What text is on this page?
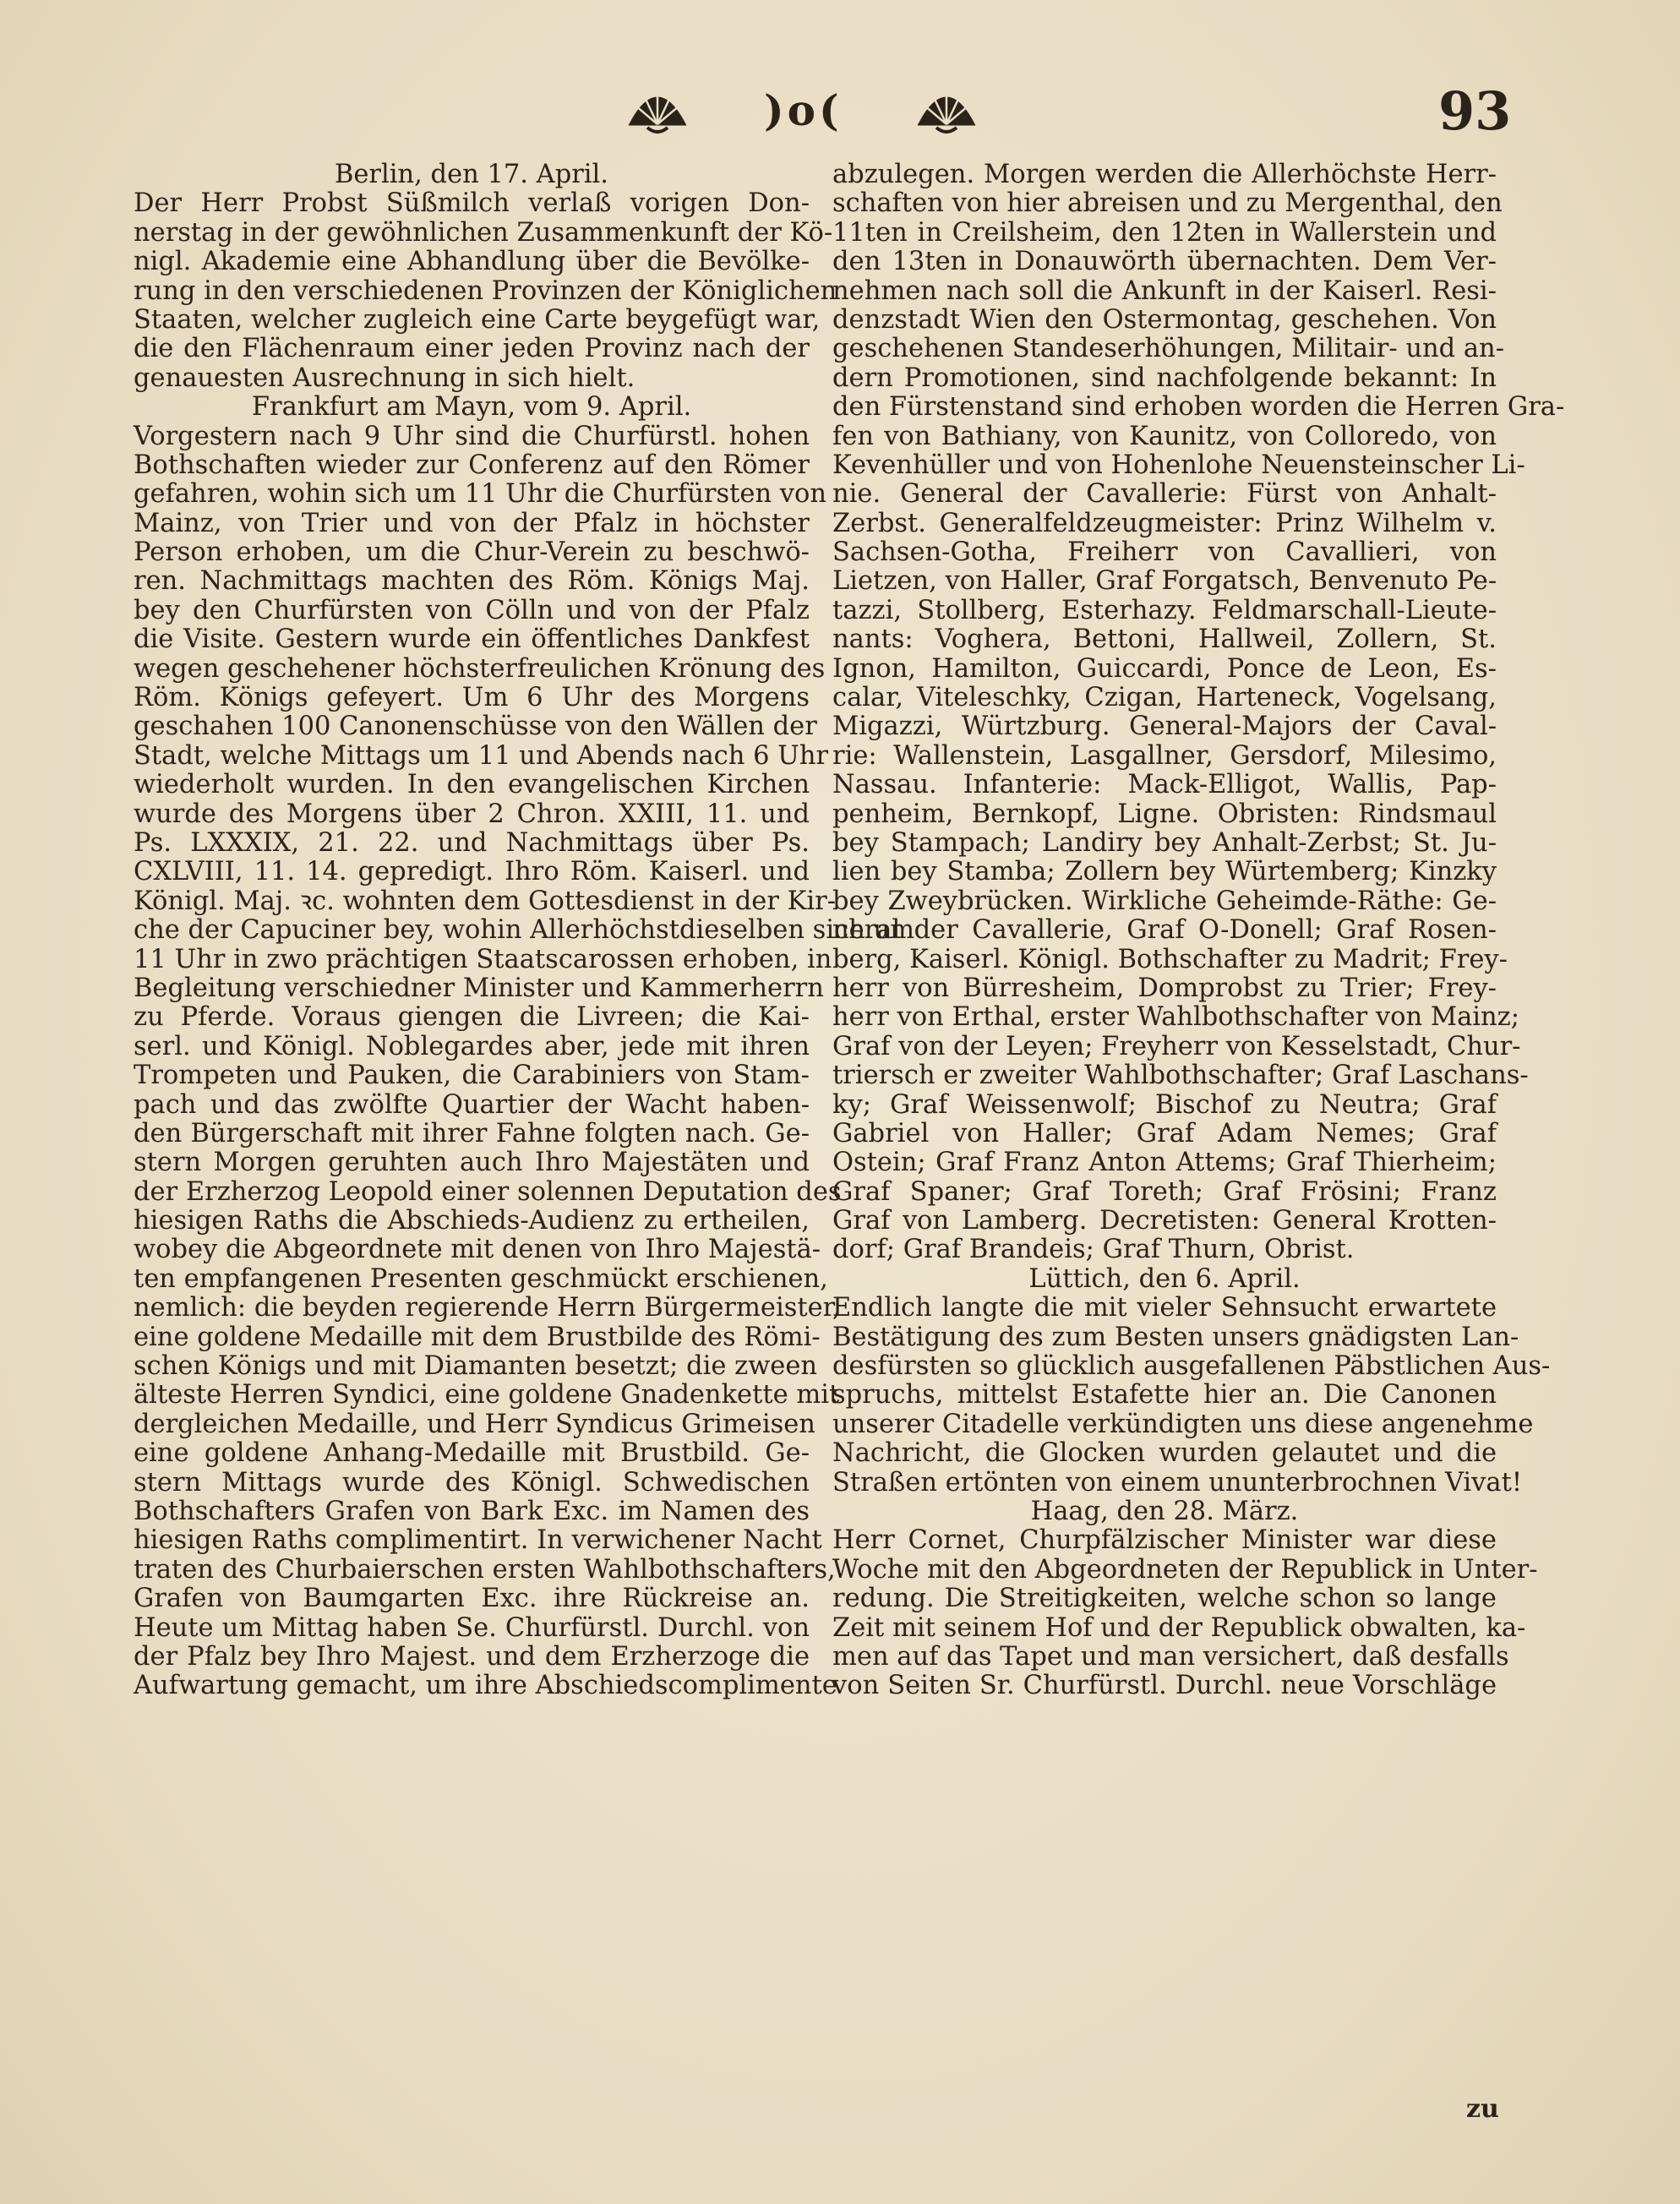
)o(	93
Berlin, den 17. April.
Der Herr Probst Süßmilch verlaß vorigen Don-
nerstag in der gewöhnlichen Zusammenkunft der Kö-
nigl. Akademie eine Abhandlung über die Bevölke-
rung in den verschiedenen Provinzen der Königlichen
Staaten, welcher zugleich eine Carte beygefügt war,
die den Flächenraum einer jeden Provinz nach der
genauesten Ausrechnung in sich hielt.
Frankfurt am Mayn, vom 9. April.
Vorgestern nach 9 Uhr sind die Churfürstl. hohen
Bothschaften wieder zur Conferenz auf den Römer
gefahren, wohin sich um 11 Uhr die Churfürsten von
Mainz, von Trier und von der Pfalz in höchster
Person erhoben, um die Chur-Verein zu beschwö-
ren. Nachmittags machten des Röm. Königs Maj.
bey den Churfürsten von Cölln und von der Pfalz
die Visite. Gestern wurde ein öffentliches Dankfest
wegen geschehener höchsterfreulichen Krönung des
Röm. Königs gefeyert. Um 6 Uhr des Morgens
geschahen 100 Canonenschüsse von den Wällen der
Stadt, welche Mittags um 11 und Abends nach 6 Uhr
wiederholt wurden. In den evangelischen Kirchen
wurde des Morgens über 2 Chron. XXIII, 11. und
Ps. LXXXIX, 21. 22. und Nachmittags über Ps.
CXLVIII, 11. 14. gepredigt. Ihro Röm. Kaiserl. und
Königl. Maj. ꝛc. wohnten dem Gottesdienst in der Kir-
che der Capuciner bey, wohin Allerhöchstdieselben sich um
11 Uhr in zwo prächtigen Staatscarossen erhoben, in
Begleitung verschiedner Minister und Kammerherrn
zu Pferde. Voraus giengen die Livreen; die Kai-
serl. und Königl. Noblegardes aber, jede mit ihren
Trompeten und Pauken, die Carabiniers von Stam-
pach und das zwölfte Quartier der Wacht haben-
den Bürgerschaft mit ihrer Fahne folgten nach. Ge-
stern Morgen geruhten auch Ihro Majestäten und
der Erzherzog Leopold einer solennen Deputation des
hiesigen Raths die Abschieds-Audienz zu ertheilen,
wobey die Abgeordnete mit denen von Ihro Majestä-
ten empfangenen Presenten geschmückt erschienen,
nemlich: die beyden regierende Herrn Bürgermeister,
eine goldene Medaille mit dem Brustbilde des Römi-
schen Königs und mit Diamanten besetzt; die zween
älteste Herren Syndici, eine goldene Gnadenkette mit
dergleichen Medaille, und Herr Syndicus Grimeisen
eine goldene Anhang-Medaille mit Brustbild. Ge-
stern Mittags wurde des Königl. Schwedischen
Bothschafters Grafen von Bark Exc. im Namen des
hiesigen Raths complimentirt. In verwichener Nacht
traten des Churbaierschen ersten Wahlbothschafters,
Grafen von Baumgarten Exc. ihre Rückreise an.
Heute um Mittag haben Se. Churfürstl. Durchl. von
der Pfalz bey Ihro Majest. und dem Erzherzoge die
Aufwartung gemacht, um ihre Abschiedscomplimente
abzulegen. Morgen werden die Allerhöchste Herr-
schaften von hier abreisen und zu Mergenthal, den
11ten in Creilsheim, den 12ten in Wallerstein und
den 13ten in Donauwörth übernachten. Dem Ver-
nehmen nach soll die Ankunft in der Kaiserl. Resi-
denzstadt Wien den Ostermontag, geschehen. Von
geschehenen Standeserhöhungen, Militair- und an-
dern Promotionen, sind nachfolgende bekannt: In
den Fürstenstand sind erhoben worden die Herren Gra-
fen von Bathiany, von Kaunitz, von Colloredo, von
Kevenhüller und von Hohenlohe Neuensteinscher Li-
nie. General der Cavallerie: Fürst von Anhalt-
Zerbst. Generalfeldzeugmeister: Prinz Wilhelm v.
Sachsen-Gotha, Freiherr von Cavallieri, von
Lietzen, von Haller, Graf Forgatsch, Benvenuto Pe-
tazzi, Stollberg, Esterhazy. Feldmarschall-Lieute-
nants: Voghera, Bettoni, Hallweil, Zollern, St.
Ignon, Hamilton, Guiccardi, Ponce de Leon, Es-
calar, Viteleschky, Czigan, Harteneck, Vogelsang,
Migazzi, Würtzburg. General-Majors der Caval-
rie: Wallenstein, Lasgallner, Gersdorf, Milesimo,
Nassau. Infanterie: Mack-Elligot, Wallis, Pap-
penheim, Bernkopf, Ligne. Obristen: Rindsmaul
bey Stampach; Landiry bey Anhalt-Zerbst; St. Ju-
lien bey Stamba; Zollern bey Würtemberg; Kinzky
bey Zweybrücken. Wirkliche Geheimde-Räthe: Ge-
neral der Cavallerie, Graf O-Donell; Graf Rosen-
berg, Kaiserl. Königl. Bothschafter zu Madrit; Frey-
herr von Bürresheim, Domprobst zu Trier; Frey-
herr von Erthal, erster Wahlbothschafter von Mainz;
Graf von der Leyen; Freyherr von Kesselstadt, Chur-
triersch er zweiter Wahlbothschafter; Graf Laschans-
ky; Graf Weissenwolf; Bischof zu Neutra; Graf
Gabriel von Haller; Graf Adam Nemes; Graf
Ostein; Graf Franz Anton Attems; Graf Thierheim;
Graf Spaner; Graf Toreth; Graf Frösini; Franz
Graf von Lamberg. Decretisten: General Krotten-
dorf; Graf Brandeis; Graf Thurn, Obrist.
Lüttich, den 6. April.
Endlich langte die mit vieler Sehnsucht erwartete
Bestätigung des zum Besten unsers gnädigsten Lan-
desfürsten so glücklich ausgefallenen Päbstlichen Aus-
spruchs, mittelst Estafette hier an. Die Canonen
unserer Citadelle verkündigten uns diese angenehme
Nachricht, die Glocken wurden gelautet und die
Straßen ertönten von einem ununterbrochnen Vivat!
Haag, den 28. März.
Herr Cornet, Churpfälzischer Minister war diese
Woche mit den Abgeordneten der Republick in Unter-
redung. Die Streitigkeiten, welche schon so lange
Zeit mit seinem Hof und der Republick obwalten, ka-
men auf das Tapet und man versichert, daß desfalls
von Seiten Sr. Churfürstl. Durchl. neue Vorschläge
zu
